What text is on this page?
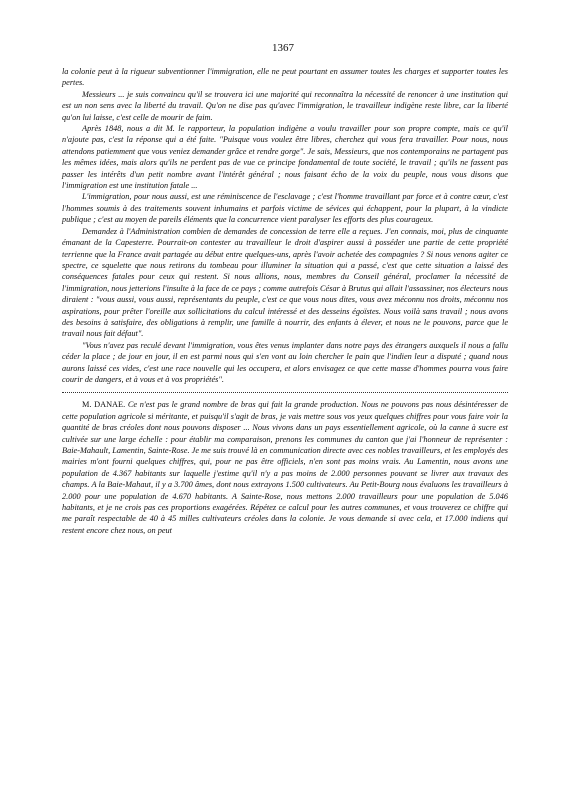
1367

la colonie peut à la rigueur subventionner l'immigration, elle ne peut pourtant en assumer toutes les charges et supporter toutes les pertes.

Messieurs ... je suis convaincu qu'il se trouvera ici une majorité qui reconnaîtra la nécessité de renoncer à une institution qui est un non sens avec la liberté du travail. Qu'on ne dise pas qu'avec l'immigration, le travailleur indigène reste libre, car la liberté qu'on lui laisse, c'est celle de mourir de faim.

Après 1848, nous a dit M. le rapporteur, la population indigène a voulu travailler pour son propre compte, mais ce qu'il n'ajoute pas, c'est la réponse qui a été faite. "Puisque vous voulez être libres, cherchez qui vous fera travailler. Pour nous, nous attendons patiemment que vous veniez demander grâce et rendre gorge". Je sais, Messieurs, que nos contemporains ne partagent pas les mêmes idées, mais alors qu'ils ne perdent pas de vue ce principe fondamental de toute société, le travail ; qu'ils ne fassent pas passer les intérêts d'un petit nombre avant l'intérêt général ; nous faisant écho de la voix du peuple, nous vous disons que l'immigration est une institution fatale ...

L'immigration, pour nous aussi, est une réminiscence de l'esclavage ; c'est l'homme travaillant par force et à contre cœur, c'est l'hommes soumis à des traitements souvent inhumains et parfois victime de sévices qui échappent, pour la plupart, à la vindicte publique ; c'est au moyen de pareils éléments que la concurrence vient paralyser les efforts des plus courageux.

Demandez à l'Administration combien de demandes de concession de terre elle a reçues. J'en connais, moi, plus de cinquante émanant de la Capesterre. Pourrait-on contester au travailleur le droit d'aspirer aussi à posséder une partie de cette propriété terrienne que la France avait partagée au début entre quelques-uns, après l'avoir achetée des compagnies ? Si nous venons agiter ce spectre, ce squelette que nous retirons du tombeau pour illuminer la situation qui a passé, c'est que cette situation a laissé des conséquences fatales pour ceux qui restent. Si nous allions, nous, membres du Conseil général, proclamer la nécessité de l'immigration, nous jetterions l'insulte à la face de ce pays ; comme autrefois César à Brutus qui allait l'assassiner, nos électeurs nous diraient : "vous aussi, vous aussi, représentants du peuple, c'est ce que vous nous dites, vous avez méconnu nos droits, méconnu nos aspirations, pour prêter l'oreille aux sollicitations du calcul intéressé et des desseins égoïstes. Nous voilà sans travail ; nous avons des besoins à satisfaire, des obligations à remplir, une famille à nourrir, des enfants à élever, et nous ne le pouvons, parce que le travail nous fait défaut".

"Vous n'avez pas reculé devant l'immigration, vous êtes venus implanter dans notre pays des étrangers auxquels il nous a fallu céder la place ; de jour en jour, il en est parmi nous qui s'en vont au loin chercher le pain que l'indien leur a disputé ; quand nous aurons laissé ces vides, c'est une race nouvelle qui les occupera, et alors envisagez ce que cette masse d'hommes pourra vous faire courir de dangers, et à vous et à vos propriétés".

M. DANAE. Ce n'est pas le grand nombre de bras qui fait la grande production. Nous ne pouvons pas nous désintéresser de cette population agricole si méritante, et puisqu'il s'agit de bras, je vais mettre sous vos yeux quelques chiffres pour vous faire voir la quantité de bras créoles dont nous pouvons disposer ... Nous vivons dans un pays essentiellement agricole, où la canne à sucre est cultivée sur une large échelle : pour établir ma comparaison, prenons les communes du canton que j'ai l'honneur de représenter : Baie-Mahault, Lamentin, Sainte-Rose. Je me suis trouvé là en communication directe avec ces nobles travailleurs, et les employés des mairies m'ont fourni quelques chiffres, qui, pour ne pas être officiels, n'en sont pas moins vrais. Au Lamentin, nous avons une population de 4.367 habitants sur laquelle j'estime qu'il n'y a pas moins de 2.000 personnes pouvant se livrer aux travaux des champs. A la Baie-Mahaut, il y a 3.700 âmes, dont nous extrayons 1.500 cultivateurs. Au Petit-Bourg nous évaluons les travailleurs à 2.000 pour une population de 4.670 habitants. A Sainte-Rose, nous mettons 2.000 travailleurs pour une population de 5.046 habitants, et je ne crois pas ces proportions exagérées. Répétez ce calcul pour les autres communes, et vous trouverez ce chiffre qui me paraît respectable de 40 à 45 milles cultivateurs créoles dans la colonie. Je vous demande si avec cela, et 17.000 indiens qui restent encore chez nous, on peut
